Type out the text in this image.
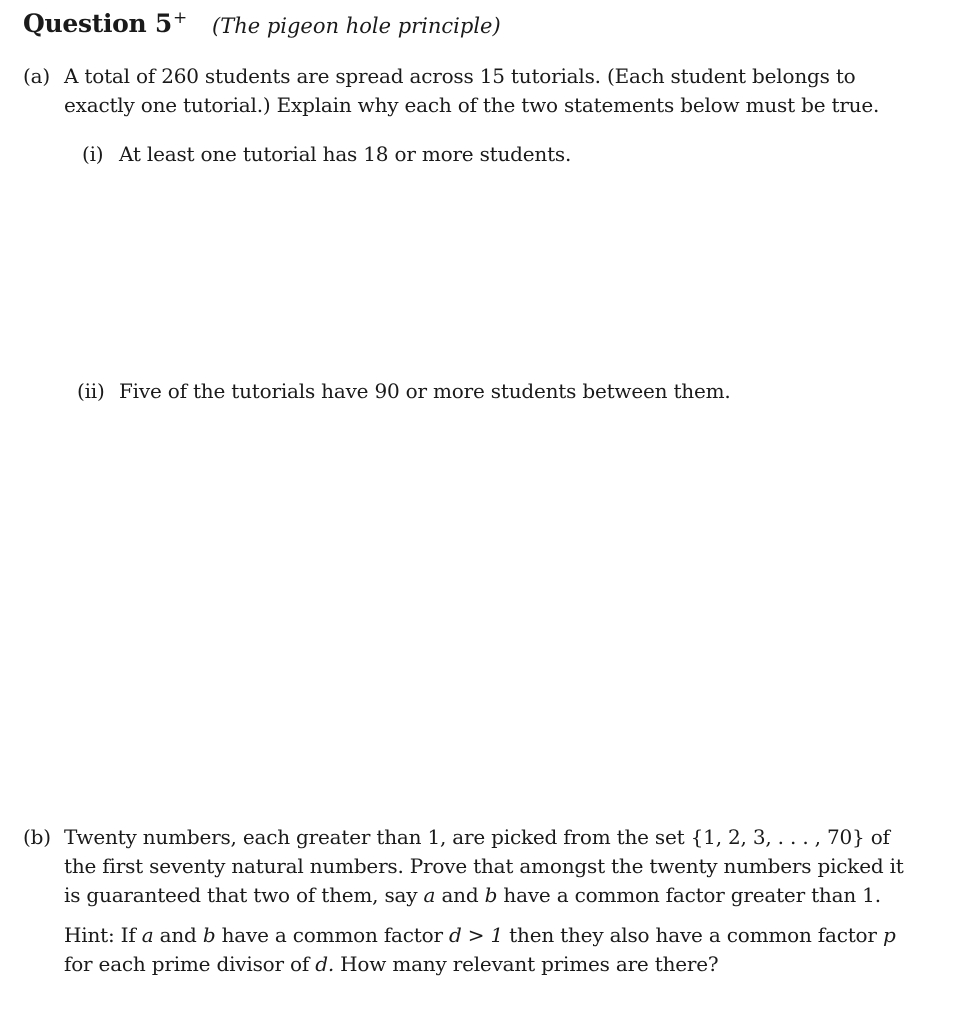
Question 5+ (The pigeon hole principle)
(a) A total of 260 students are spread across 15 tutorials. (Each student belongs to
exactly one tutorial.) Explain why each of the two statements below must be true.
(i) At least one tutorial has 18 or more students.
(ii) Five of the tutorials have 90 or more students between them.
(b) Twenty numbers, each greater than 1, are picked from the set {1, 2, 3, . . . , 70} of
the first seventy natural numbers. Prove that amongst the twenty numbers picked it
is guaranteed that two of them, say a and b have a common factor greater than 1.
Hint: If a and b have a common factor d > 1 then they also have a common factor p
for each prime divisor of d. How many relevant primes are there?
